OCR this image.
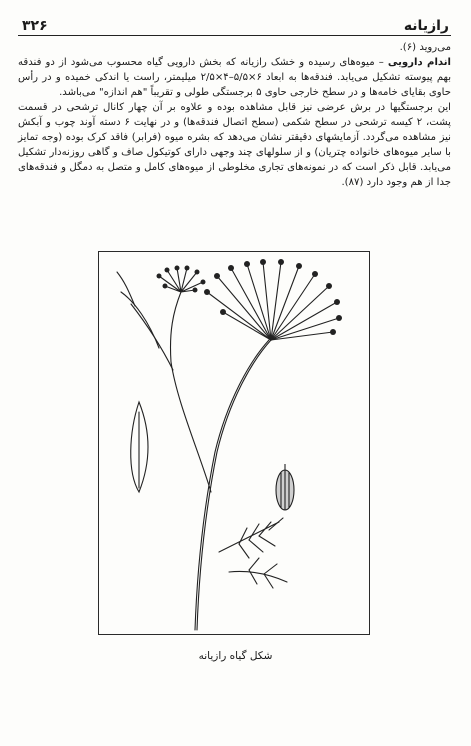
رازیانه
۳۲۶

می‌روید (۶).

اندام دارویی – میوه‌های رسیده و خشک رازیانه که بخش دارویی گیاه محسوب می‌شود از دو فندقه بهم پیوسته تشکیل می‌یابد. فندقه‌ها به ابعاد ۶×۵/۵–۴×۲/۵ میلیمتر، راست یا اندکی خمیده و در رأس حاوی بقایای خامه‌ها و در سطح خارجی حاوی ۵ برجستگی طولی و تقریباً "هم اندازه" می‌باشد.

این برجستگیها در برش عرضی نیز قابل مشاهده بوده و علاوه بر آن چهار کانال ترشحی در قسمت پشت، ۲ کیسه ترشحی در سطح شکمی (سطح اتصال فندقه‌ها) و در نهایت ۶ دسته آوند چوب و آبکش نیز مشاهده می‌گردد. آزمایشهای دقیقتر نشان می‌دهد که بشره میوه (فرابر) فاقد کرک بوده (وجه تمایز با سایر میوه‌های خانواده چتریان) و از سلولهای چند وجهی دارای کوتیکول صاف و گاهی روزنه‌دار تشکیل می‌یابد. قابل ذکر است که در نمونه‌های تجاری مخلوطی از میوه‌های کامل و متصل به دمگل و فندقه‌های جدا از هم وجود دارد (۸۷).

شکل گیاه رازیانه
